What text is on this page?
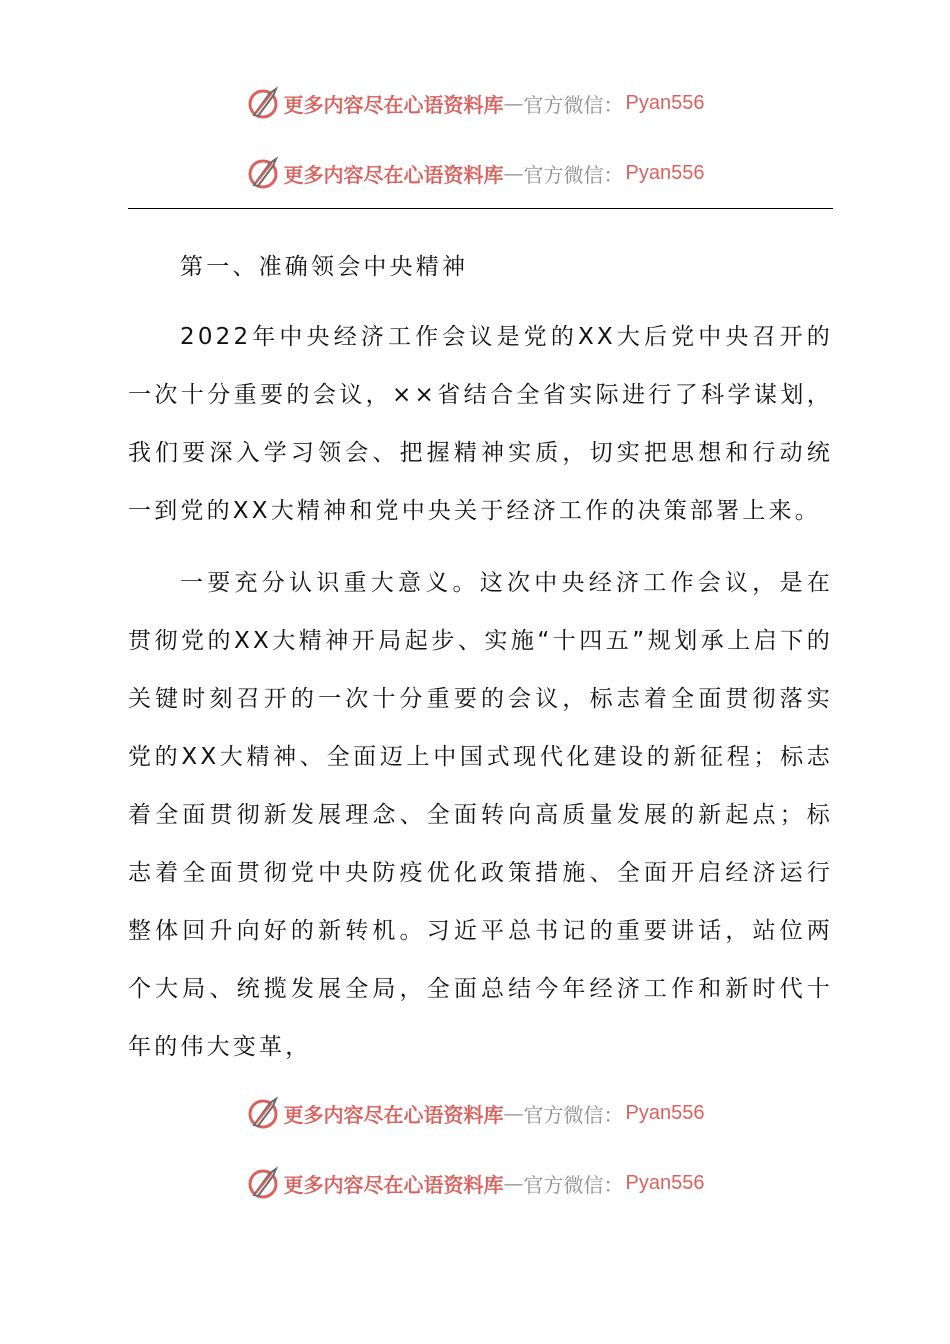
更多内容尽在心语资料库 — 官方微信： Pyan556
更多内容尽在心语资料库 — 官方微信： Pyan556

第一、准确领会中央精神

2022年中央经济工作会议是党的XX大后党中央召开的一次十分重要的会议，××省结合全省实际进行了科学谋划，我们要深入学习领会、把握精神实质，切实把思想和行动统一到党的XX大精神和党中央关于经济工作的决策部署上来。

一要充分认识重大意义。这次中央经济工作会议，是在贯彻党的XX大精神开局起步、实施“十四五”规划承上启下的关键时刻召开的一次十分重要的会议，标志着全面贯彻落实党的XX大精神、全面迈上中国式现代化建设的新征程；标志着全面贯彻新发展理念、全面转向高质量发展的新起点；标志着全面贯彻党中央防疫优化政策措施、全面开启经济运行整体回升向好的新转机。习近平总书记的重要讲话，站位两个大局、统揽发展全局，全面总结今年经济工作和新时代十年的伟大变革，

更多内容尽在心语资料库 — 官方微信： Pyan556
更多内容尽在心语资料库 — 官方微信： Pyan556
